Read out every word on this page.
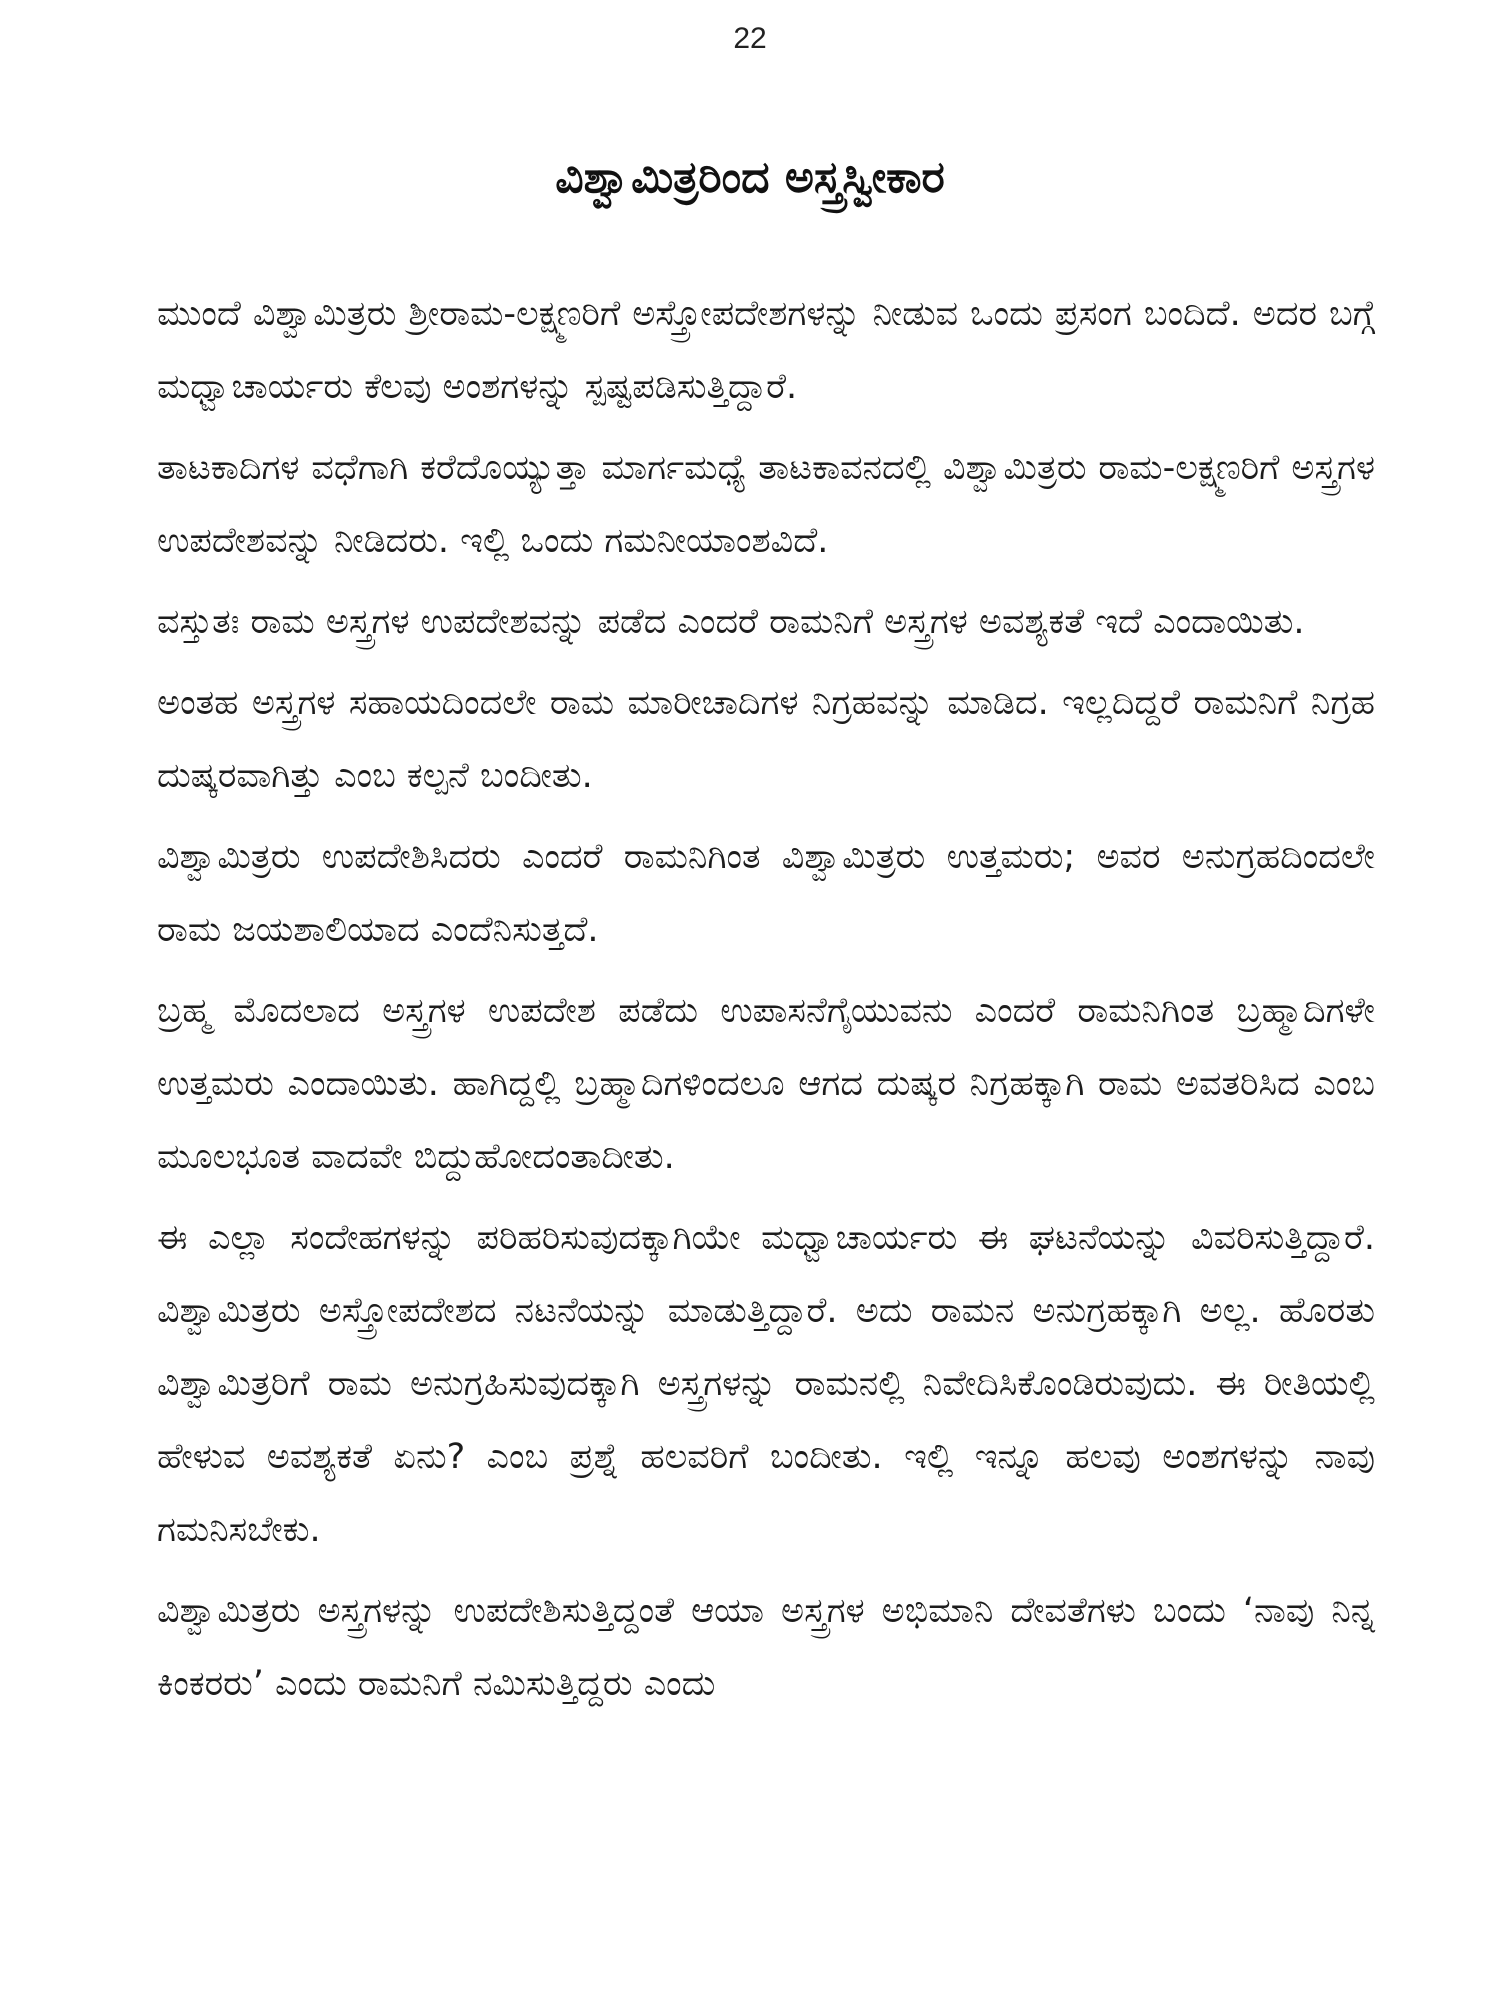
22
ವಿಶ್ವಾಮಿತ್ರರಿಂದ ಅಸ್ತ್ರಸ್ವೀಕಾರ

ಮುಂದೆ ವಿಶ್ವಾಮಿತ್ರರು ಶ್ರೀರಾಮ-ಲಕ್ಷ್ಮಣರಿಗೆ ಅಸ್ತ್ರೋಪದೇಶಗಳನ್ನು ನೀಡುವ ಒಂದು ಪ್ರಸಂಗ ಬಂದಿದೆ. ಅದರ ಬಗ್ಗೆ ಮಧ್ವಾಚಾರ್ಯರು ಕೆಲವು ಅಂಶಗಳನ್ನು ಸ್ಪಷ್ಟಪಡಿಸುತ್ತಿದ್ದಾರೆ.

ತಾಟಕಾದಿಗಳ ವಧೆಗಾಗಿ ಕರೆದೊಯ್ಯುತ್ತಾ ಮಾರ್ಗಮಧ್ಯೆ ತಾಟಕಾವನದಲ್ಲಿ ವಿಶ್ವಾಮಿತ್ರರು ರಾಮ-ಲಕ್ಷ್ಮಣರಿಗೆ ಅಸ್ತ್ರಗಳ ಉಪದೇಶವನ್ನು ನೀಡಿದರು. ಇಲ್ಲಿ ಒಂದು ಗಮನೀಯಾಂಶವಿದೆ.

ವಸ್ತುತಃ ರಾಮ ಅಸ್ತ್ರಗಳ ಉಪದೇಶವನ್ನು ಪಡೆದ ಎಂದರೆ ರಾಮನಿಗೆ ಅಸ್ತ್ರಗಳ ಅವಶ್ಯಕತೆ ಇದೆ ಎಂದಾಯಿತು.

ಅಂತಹ ಅಸ್ತ್ರಗಳ ಸಹಾಯದಿಂದಲೇ ರಾಮ ಮಾರೀಚಾದಿಗಳ ನಿಗ್ರಹವನ್ನು ಮಾಡಿದ. ಇಲ್ಲದಿದ್ದರೆ ರಾಮನಿಗೆ ನಿಗ್ರಹ ದುಷ್ಕರವಾಗಿತ್ತು ಎಂಬ ಕಲ್ಪನೆ ಬಂದೀತು.

ವಿಶ್ವಾಮಿತ್ರರು ಉಪದೇಶಿಸಿದರು ಎಂದರೆ ರಾಮನಿಗಿಂತ ವಿಶ್ವಾಮಿತ್ರರು ಉತ್ತಮರು; ಅವರ ಅನುಗ್ರಹದಿಂದಲೇ ರಾಮ ಜಯಶಾಲಿಯಾದ ಎಂದೆನಿಸುತ್ತದೆ.

ಬ್ರಹ್ಮ ಮೊದಲಾದ ಅಸ್ತ್ರಗಳ ಉಪದೇಶ ಪಡೆದು ಉಪಾಸನೆಗೈಯುವನು ಎಂದರೆ ರಾಮನಿಗಿಂತ ಬ್ರಹ್ಮಾದಿಗಳೇ ಉತ್ತಮರು ಎಂದಾಯಿತು. ಹಾಗಿದ್ದಲ್ಲಿ ಬ್ರಹ್ಮಾದಿಗಳಿಂದಲೂ ಆಗದ ದುಷ್ಕರ ನಿಗ್ರಹಕ್ಕಾಗಿ ರಾಮ ಅವತರಿಸಿದ ಎಂಬ ಮೂಲಭೂತ ವಾದವೇ ಬಿದ್ದುಹೋದಂತಾದೀತು.

ಈ ಎಲ್ಲಾ ಸಂದೇಹಗಳನ್ನು ಪರಿಹರಿಸುವುದಕ್ಕಾಗಿಯೇ ಮಧ್ವಾಚಾರ್ಯರು ಈ ಘಟನೆಯನ್ನು ವಿವರಿಸುತ್ತಿದ್ದಾರೆ. ವಿಶ್ವಾಮಿತ್ರರು ಅಸ್ತ್ರೋಪದೇಶದ ನಟನೆಯನ್ನು ಮಾಡುತ್ತಿದ್ದಾರೆ. ಅದು ರಾಮನ ಅನುಗ್ರಹಕ್ಕಾಗಿ ಅಲ್ಲ. ಹೊರತು ವಿಶ್ವಾಮಿತ್ರರಿಗೆ ರಾಮ ಅನುಗ್ರಹಿಸುವುದಕ್ಕಾಗಿ ಅಸ್ತ್ರಗಳನ್ನು ರಾಮನಲ್ಲಿ ನಿವೇದಿಸಿಕೊಂಡಿರುವುದು. ಈ ರೀತಿಯಲ್ಲಿ ಹೇಳುವ ಅವಶ್ಯಕತೆ ಏನು? ಎಂಬ ಪ್ರಶ್ನೆ ಹಲವರಿಗೆ ಬಂದೀತು. ಇಲ್ಲಿ ಇನ್ನೂ ಹಲವು ಅಂಶಗಳನ್ನು ನಾವು ಗಮನಿಸಬೇಕು.

ವಿಶ್ವಾಮಿತ್ರರು ಅಸ್ತ್ರಗಳನ್ನು ಉಪದೇಶಿಸುತ್ತಿದ್ದಂತೆ ಆಯಾ ಅಸ್ತ್ರಗಳ ಅಭಿಮಾನಿ ದೇವತೆಗಳು ಬಂದು ‘ನಾವು ನಿನ್ನ ಕಿಂಕರರು’ ಎಂದು ರಾಮನಿಗೆ ನಮಿಸುತ್ತಿದ್ದರು ಎಂದು
